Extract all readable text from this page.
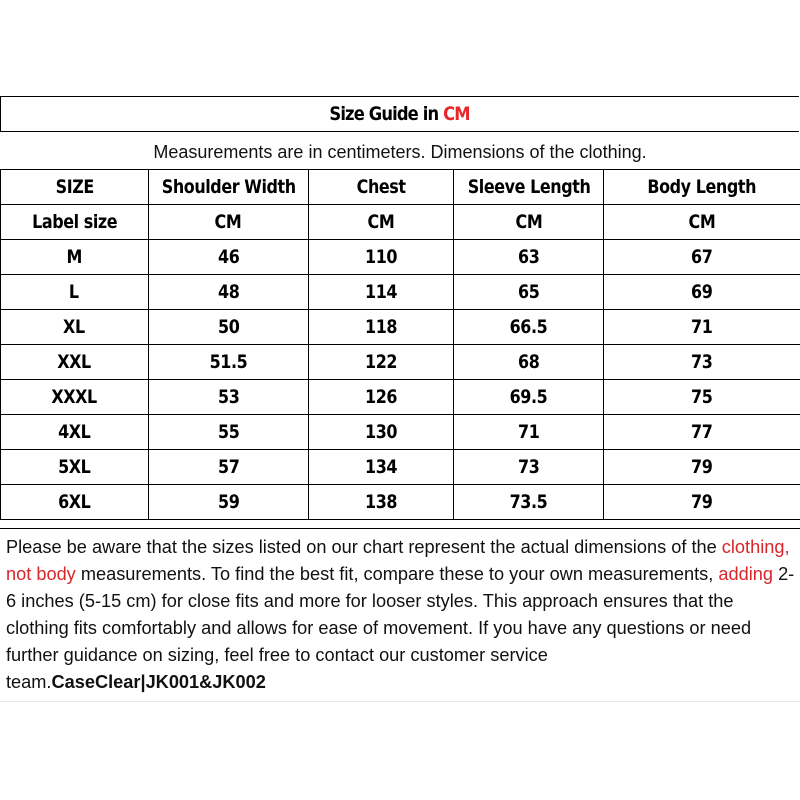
Size Guide in CM
Measurements are in centimeters. Dimensions of the clothing.
SIZE	Shoulder Width	Chest	Sleeve Length	Body Length
Label size	CM	CM	CM	CM
M	46	110	63	67
L	48	114	65	69
XL	50	118	66.5	71
XXL	51.5	122	68	73
XXXL	53	126	69.5	75
4XL	55	130	71	77
5XL	57	134	73	79
6XL	59	138	73.5	79
Please be aware that the sizes listed on our chart represent the actual dimensions of the clothing, not body measurements. To find the best fit, compare these to your own measurements, adding 2-6 inches (5-15 cm) for close fits and more for looser styles. This approach ensures that the clothing fits comfortably and allows for ease of movement. If you have any questions or need further guidance on sizing, feel free to contact our customer service team.CaseClear|JK001&JK002
